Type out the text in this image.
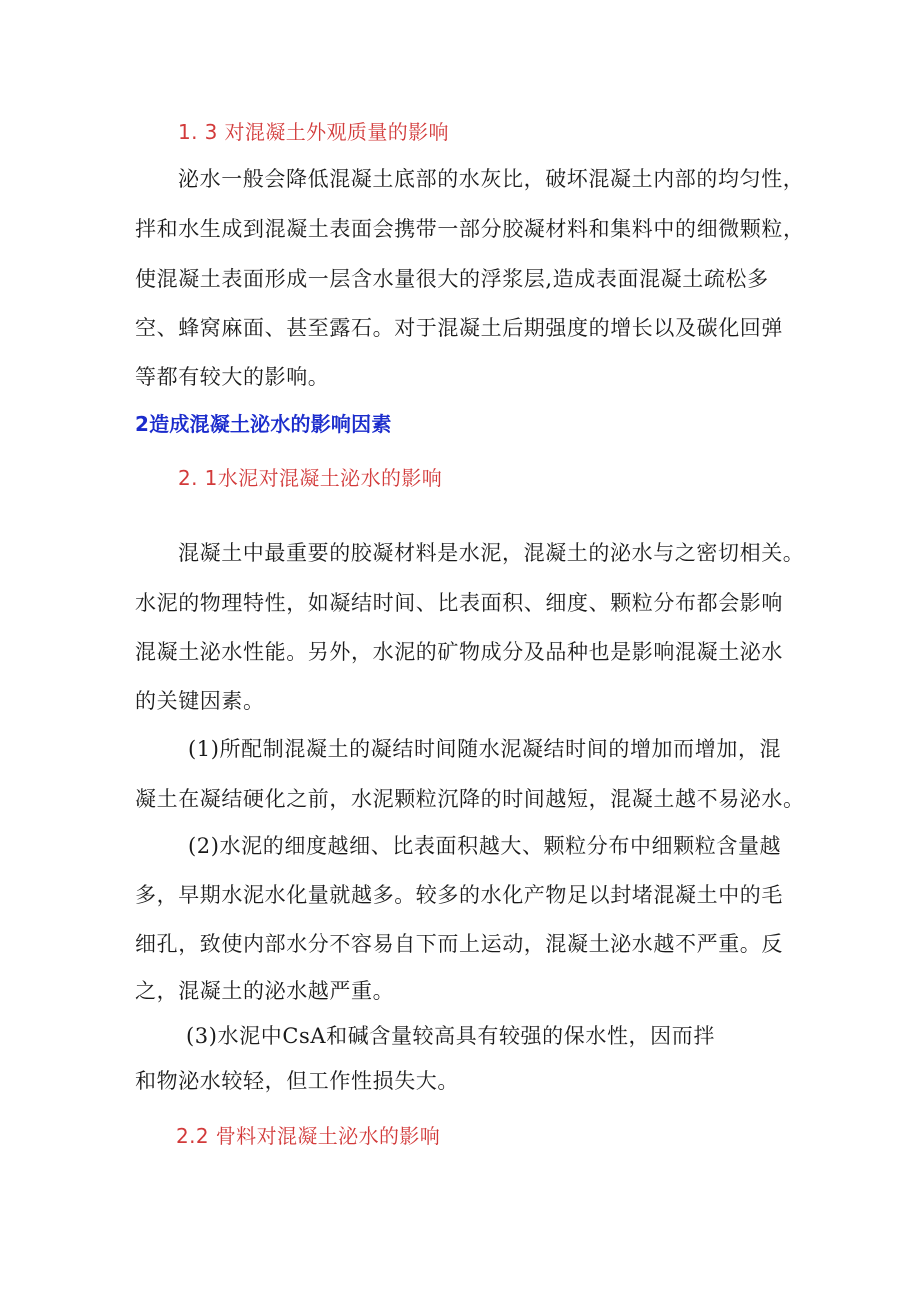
1. 3 对混凝土外观质量的影响
泌水一般会降低混凝土底部的水灰比，破坏混凝土内部的均匀性，
拌和水生成到混凝土表面会携带一部分胶凝材料和集料中的细微颗粒，
使混凝土表面形成一层含水量很大的浮浆层,造成表面混凝土疏松多
空、蜂窝麻面、甚至露石。对于混凝土后期强度的增长以及碳化回弹
等都有较大的影响。
2造成混凝土泌水的影响因素
2. 1水泥对混凝土泌水的影响
混凝土中最重要的胶凝材料是水泥，混凝土的泌水与之密切相关。
水泥的物理特性，如凝结时间、比表面积、细度、颗粒分布都会影响
混凝土泌水性能。另外，水泥的矿物成分及品种也是影响混凝土泌水
的关键因素。
(1)所配制混凝土的凝结时间随水泥凝结时间的增加而增加，混
凝土在凝结硬化之前，水泥颗粒沉降的时间越短，混凝土越不易泌水。
(2)水泥的细度越细、比表面积越大、颗粒分布中细颗粒含量越
多，早期水泥水化量就越多。较多的水化产物足以封堵混凝土中的毛
细孔，致使内部水分不容易自下而上运动，混凝土泌水越不严重。反
之，混凝土的泌水越严重。
(3)水泥中CsA和碱含量较高具有较强的保水性，因而拌
和物泌水较轻，但工作性损失大。
2.2 骨料对混凝土泌水的影响
